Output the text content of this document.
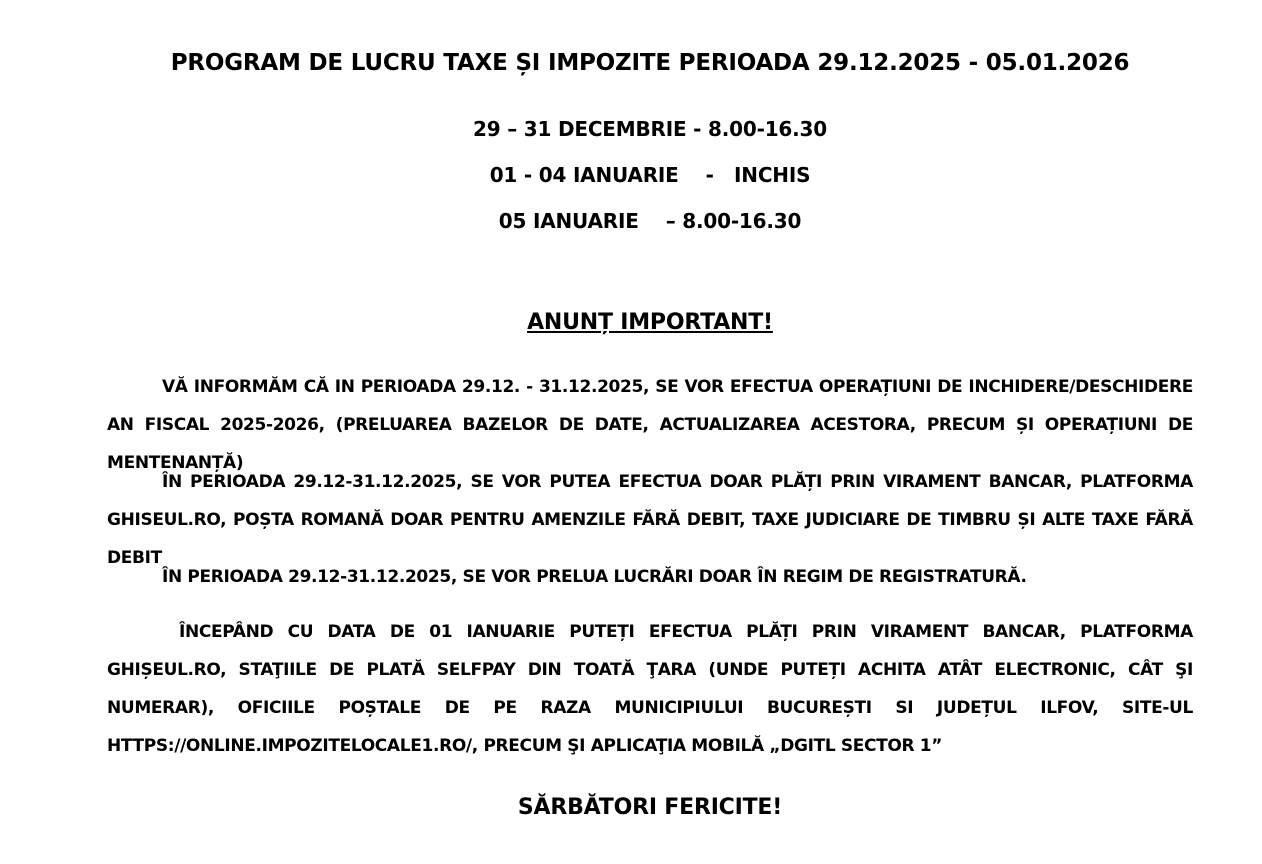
PROGRAM DE LUCRU TAXE ȘI IMPOZITE PERIOADA 29.12.2025 - 05.01.2026
29 – 31 DECEMBRIE - 8.00-16.30
01 - 04 IANUARIE    -   INCHIS
05 IANUARIE    – 8.00-16.30
ANUNȚ IMPORTANT!
VĂ INFORMĂM CĂ IN PERIOADA 29.12. - 31.12.2025, SE VOR EFECTUA OPERAȚIUNI DE INCHIDERE/DESCHIDERE AN FISCAL 2025-2026, (PRELUAREA BAZELOR DE DATE, ACTUALIZAREA ACESTORA, PRECUM ȘI OPERAȚIUNI DE MENTENANȚĂ)
ÎN PERIOADA 29.12-31.12.2025, SE VOR PUTEA EFECTUA DOAR PLĂȚI PRIN VIRAMENT BANCAR, PLATFORMA GHISEUL.RO, POȘTA ROMANĂ DOAR PENTRU AMENZILE FĂRĂ DEBIT, TAXE JUDICIARE DE TIMBRU ȘI ALTE TAXE FĂRĂ DEBIT
ÎN PERIOADA 29.12-31.12.2025, SE VOR PRELUA LUCRĂRI DOAR ÎN REGIM DE REGISTRATURĂ.
ÎNCEPÂND CU DATA DE 01 IANUARIE PUTEȚI EFECTUA PLĂȚI PRIN VIRAMENT BANCAR, PLATFORMA GHIȘEUL.RO, STAŢIILE DE PLATĂ SELFPAY DIN TOATĂ ŢARA (UNDE PUTEȚI ACHITA ATÂT ELECTRONIC, CÂT ŞI NUMERAR), OFICIILE POȘTALE DE PE RAZA MUNICIPIULUI BUCUREȘTI SI JUDEȚUL ILFOV, SITE-UL HTTPS://ONLINE.IMPOZITELOCALE1.RO/, PRECUM ŞI APLICAŢIA MOBILĂ „DGITL SECTOR 1”
SĂRBĂTORI FERICITE!
